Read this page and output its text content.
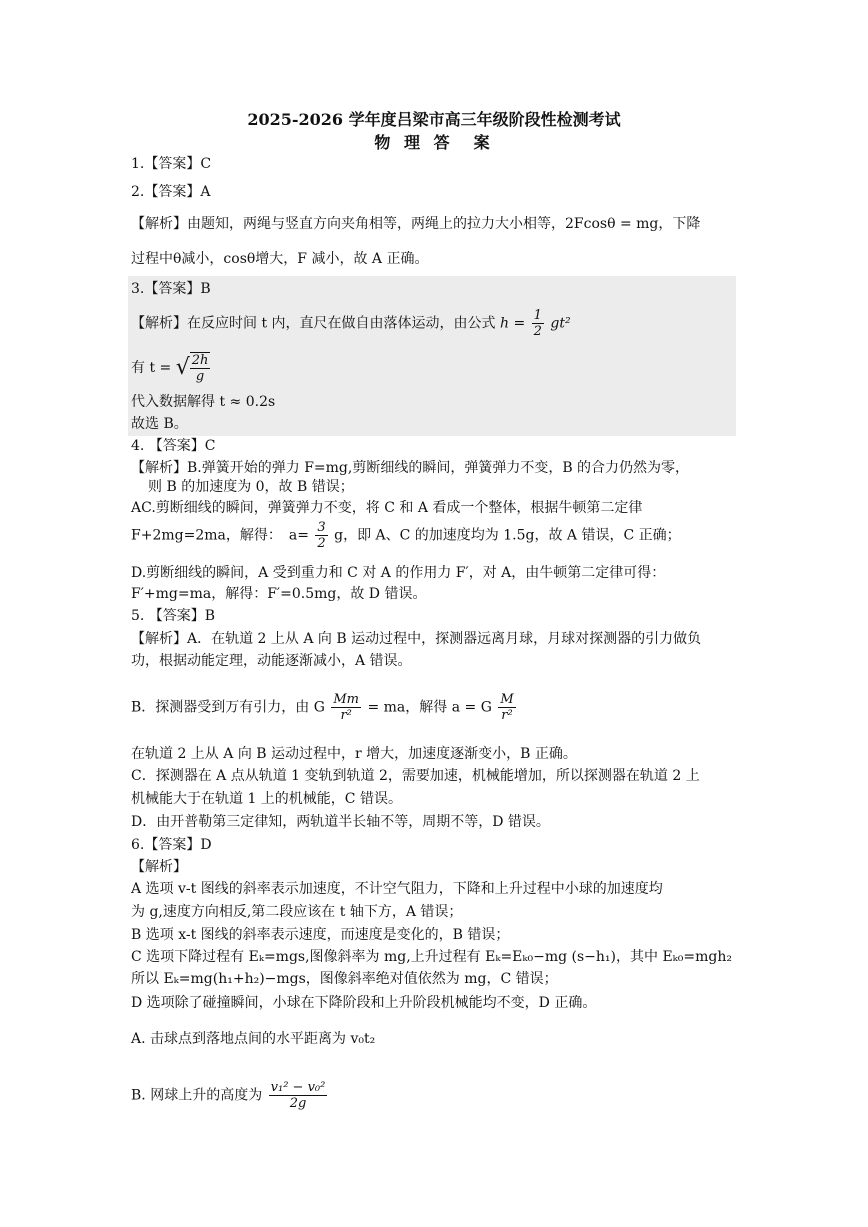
2025-2026 学年度吕梁市高三年级阶段性检测考试
物 理 答　案
1.【答案】C
2.【答案】A
【解析】由题知，两绳与竖直方向夹角相等，两绳上的拉力大小相等，2Fcosθ = mg，下降
过程中θ减小，cosθ增大，F 减小，故 A 正确。
3.【答案】B
【解析】在反应时间 t 内，直尺在做自由落体运动，由公式 $h = \frac{1}{2} gt^2$
有 t = √ $\frac{2h}{g}$
代入数据解得 t ≈ 0.2s
故选 B。
4. 【答案】C
【解析】B.弹簧开始的弹力 F=mg,剪断细线的瞬间，弹簧弹力不变，B 的合力仍然为零，
则 B 的加速度为 0，故 B 错误；
AC.剪断细线的瞬间，弹簧弹力不变，将 C 和 A 看成一个整体，根据牛顿第二定律
F+2mg=2ma，解得：　$a= \frac{3}{2}$ g，即 A、C 的加速度均为 1.5g，故 A 错误，C 正确；
D.剪断细线的瞬间，A 受到重力和 C 对 A 的作用力 F′，对 A，由牛顿第二定律可得：
F′+mg=ma，解得：F′=0.5mg，故 D 错误。
5. 【答案】B
【解析】A．在轨道 2 上从 A 向 B 运动过程中，探测器远离月球，月球对探测器的引力做负
功，根据动能定理，动能逐渐减小，A 错误。
B．探测器受到万有引力，由 G $\frac{Mm}{\text{r²}}$ = ma，解得 a = G $\frac{M}{\text{r²}}$
在轨道 2 上从 A 向 B 运动过程中，r 增大，加速度逐渐变小，B 正确。
C．探测器在 A 点从轨道 1 变轨到轨道 2，需要加速，机械能增加，所以探测器在轨道 2 上
机械能大于在轨道 1 上的机械能，C 错误。
D．由开普勒第三定律知，两轨道半长轴不等，周期不等，D 错误。
6.【答案】D
【解析】
A 选项 v-t 图线的斜率表示加速度，不计空气阻力，下降和上升过程中小球的加速度均
为 g,速度方向相反,第二段应该在 t 轴下方，A 错误；
B 选项 x-t 图线的斜率表示速度，而速度是变化的，B 错误；
C 选项下降过程有 Eₖ=mgs,图像斜率为 mg,上升过程有 Eₖ=Eₖ₀−mg (s−h₁)，其中 Eₖ₀=mgh₂
所以 Eₖ=mg(h₁+h₂)−mgs，图像斜率绝对值依然为 mg，C 错误；
D 选项除了碰撞瞬间，小球在下降阶段和上升阶段机械能均不变，D 正确。
A. 击球点到落地点间的水平距离为 v₀t₂
B. 网球上升的高度为 $\frac{\text{v₁² − v₀²}}{2g}$
